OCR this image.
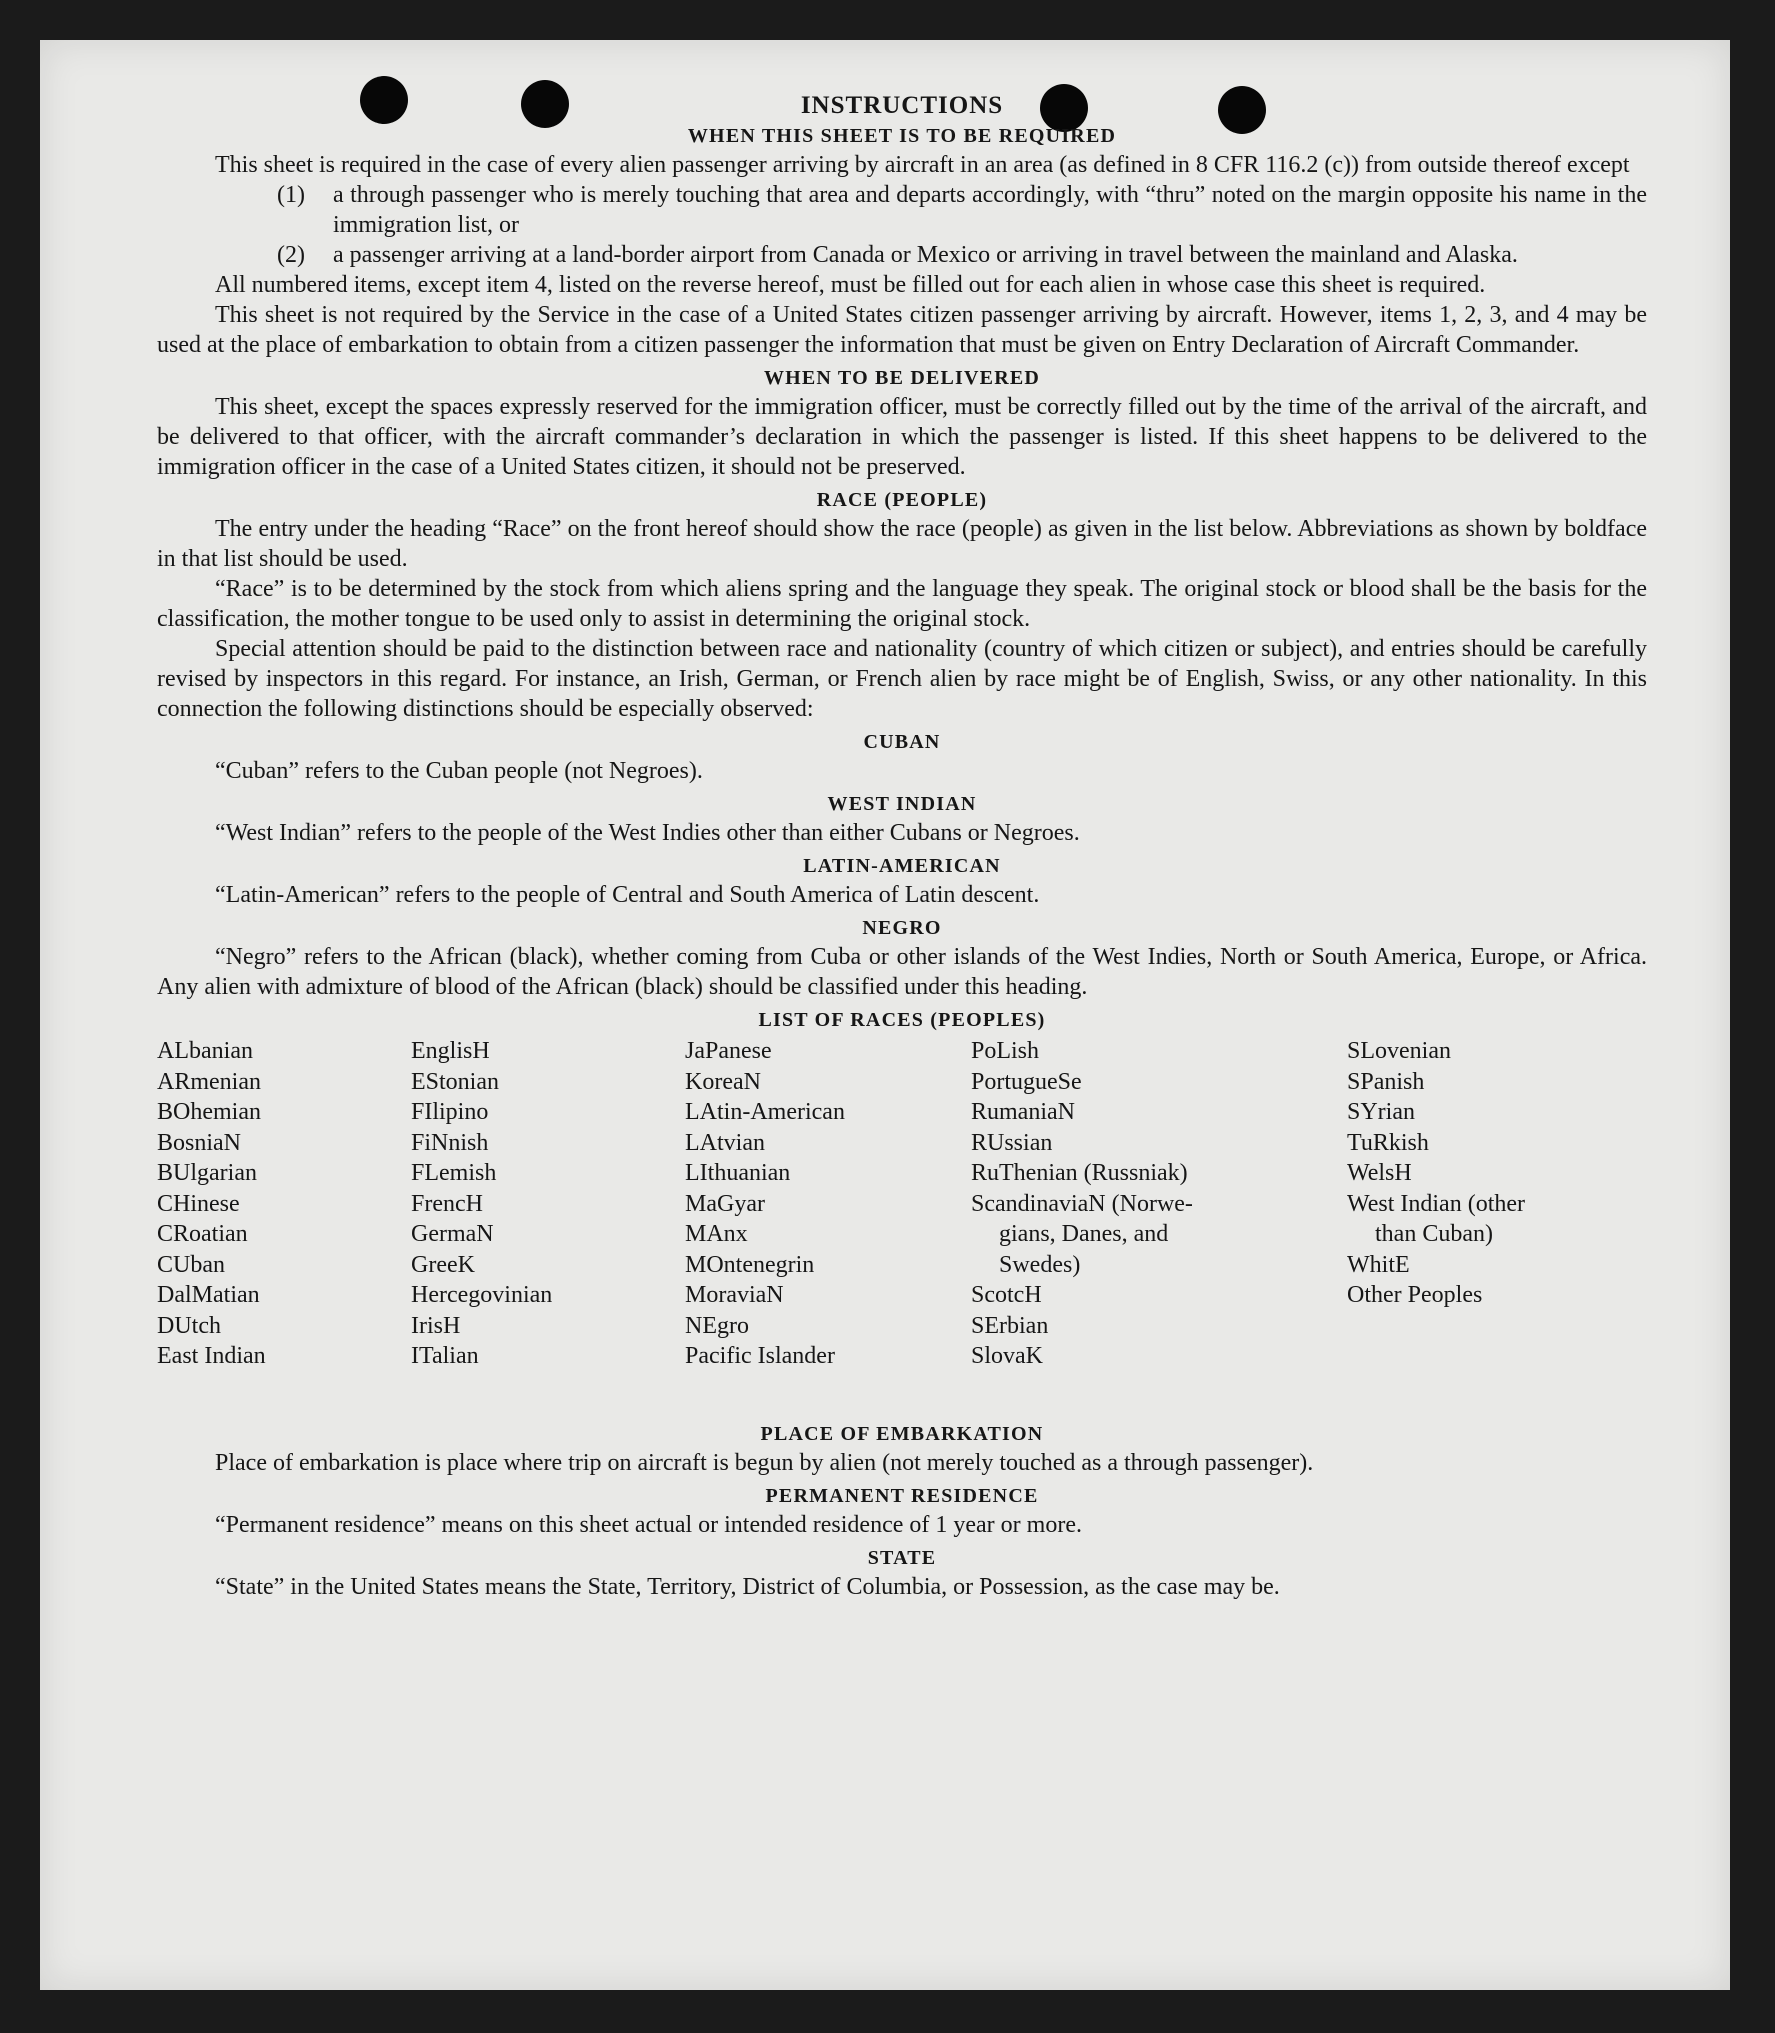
INSTRUCTIONS
WHEN THIS SHEET IS TO BE REQUIRED

This sheet is required in the case of every alien passenger arriving by aircraft in an area (as defined in 8 CFR 116.2 (c)) from outside thereof except

(1)	a through passenger who is merely touching that area and departs accordingly, with “thru” noted on the margin opposite his name in the immigration list, or
(2)	a passenger arriving at a land-border airport from Canada or Mexico or arriving in travel between the mainland and Alaska.

All numbered items, except item 4, listed on the reverse hereof, must be filled out for each alien in whose case this sheet is required.

This sheet is not required by the Service in the case of a United States citizen passenger arriving by aircraft. However, items 1, 2, 3, and 4 may be used at the place of embarkation to obtain from a citizen passenger the information that must be given on Entry Declaration of Aircraft Commander.

WHEN TO BE DELIVERED

This sheet, except the spaces expressly reserved for the immigration officer, must be correctly filled out by the time of the arrival of the aircraft, and be delivered to that officer, with the aircraft commander’s declaration in which the passenger is listed. If this sheet happens to be delivered to the immigration officer in the case of a United States citizen, it should not be preserved.

RACE (PEOPLE)

The entry under the heading “Race” on the front hereof should show the race (people) as given in the list below. Abbreviations as shown by boldface in that list should be used.

“Race” is to be determined by the stock from which aliens spring and the language they speak. The original stock or blood shall be the basis for the classification, the mother tongue to be used only to assist in determining the original stock.

Special attention should be paid to the distinction between race and nationality (country of which citizen or subject), and entries should be carefully revised by inspectors in this regard. For instance, an Irish, German, or French alien by race might be of English, Swiss, or any other nationality. In this connection the following distinctions should be especially observed:

CUBAN

“Cuban” refers to the Cuban people (not Negroes).

WEST INDIAN

“West Indian” refers to the people of the West Indies other than either Cubans or Negroes.

LATIN-AMERICAN

“Latin-American” refers to the people of Central and South America of Latin descent.

NEGRO

“Negro” refers to the African (black), whether coming from Cuba or other islands of the West Indies, North or South America, Europe, or Africa. Any alien with admixture of blood of the African (black) should be classified under this heading.

LIST OF RACES (PEOPLES)
ALbanian
ARmenian
BOhemian
BosniaN
BUlgarian
CHinese
CRoatian
CUban
DalMatian
DUtch
East Indian
EnglisH
EStonian
FIlipino
FiNnish
FLemish
FrencH
GermaN
GreeK
Hercegovinian
IrisH
ITalian
JaPanese
KoreaN
LAtin-American
LAtvian
LIthuanian
MaGyar
MAnx
MOntenegrin
MoraviaN
NEgro
Pacific Islander
PoLish
PortugueSe
RumaniaN
RUssian
RuThenian (Russniak)
ScandinaviaN (Norwe-
gians, Danes, and
Swedes)
ScotcH
SErbian
SlovaK
SLovenian
SPanish
SYrian
TuRkish
WelsH
West Indian (other
than Cuban)
WhitE
Other Peoples
PLACE OF EMBARKATION

Place of embarkation is place where trip on aircraft is begun by alien (not merely touched as a through passenger).

PERMANENT RESIDENCE

“Permanent residence” means on this sheet actual or intended residence of 1 year or more.

STATE

“State” in the United States means the State, Territory, District of Columbia, or Possession, as the case may be.
